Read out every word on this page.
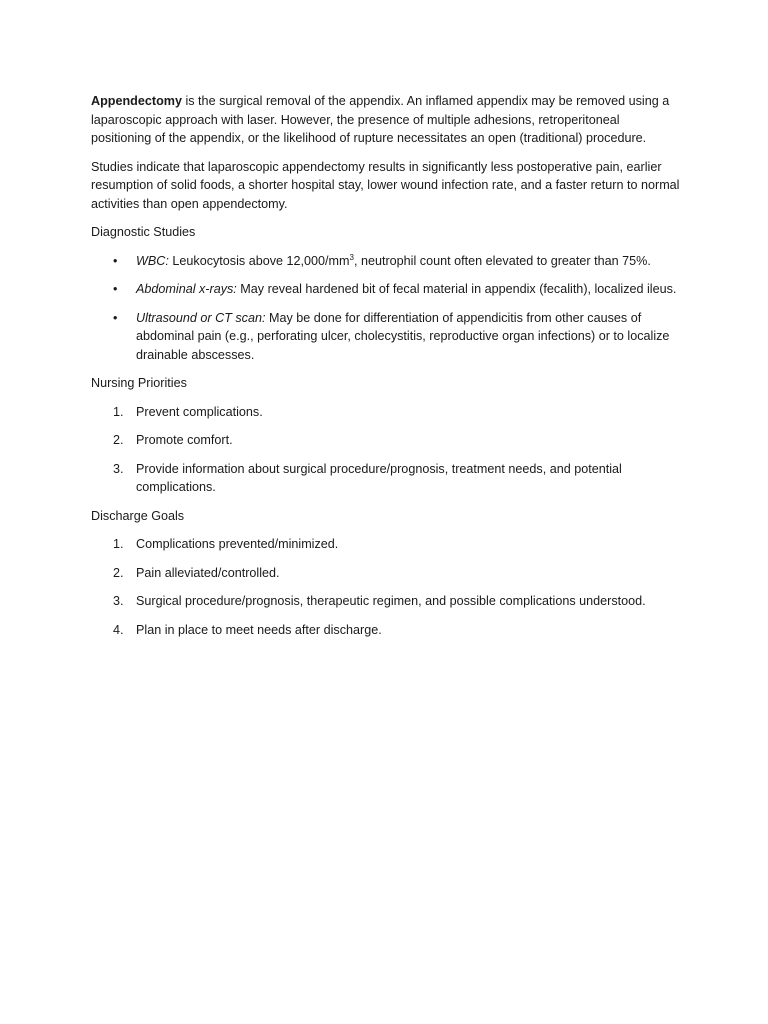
Appendectomy is the surgical removal of the appendix. An inflamed appendix may be removed using a laparoscopic approach with laser. However, the presence of multiple adhesions, retroperitoneal positioning of the appendix, or the likelihood of rupture necessitates an open (traditional) procedure.

Studies indicate that laparoscopic appendectomy results in significantly less postoperative pain, earlier resumption of solid foods, a shorter hospital stay, lower wound infection rate, and a faster return to normal activities than open appendectomy.

Diagnostic Studies

• WBC: Leukocytosis above $12,000/mm^3$, neutrophil count often elevated to greater than 75%.
• Abdominal x-rays: May reveal hardened bit of fecal material in appendix (fecalith), localized ileus.
• Ultrasound or CT scan: May be done for differentiation of appendicitis from other causes of abdominal pain (e.g., perforating ulcer, cholecystitis, reproductive organ infections) or to localize drainable abscesses.

Nursing Priorities

1. Prevent complications.
2. Promote comfort.
3. Provide information about surgical procedure/prognosis, treatment needs, and potential complications.

Discharge Goals

1. Complications prevented/minimized.
2. Pain alleviated/controlled.
3. Surgical procedure/prognosis, therapeutic regimen, and possible complications understood.
4. Plan in place to meet needs after discharge.
